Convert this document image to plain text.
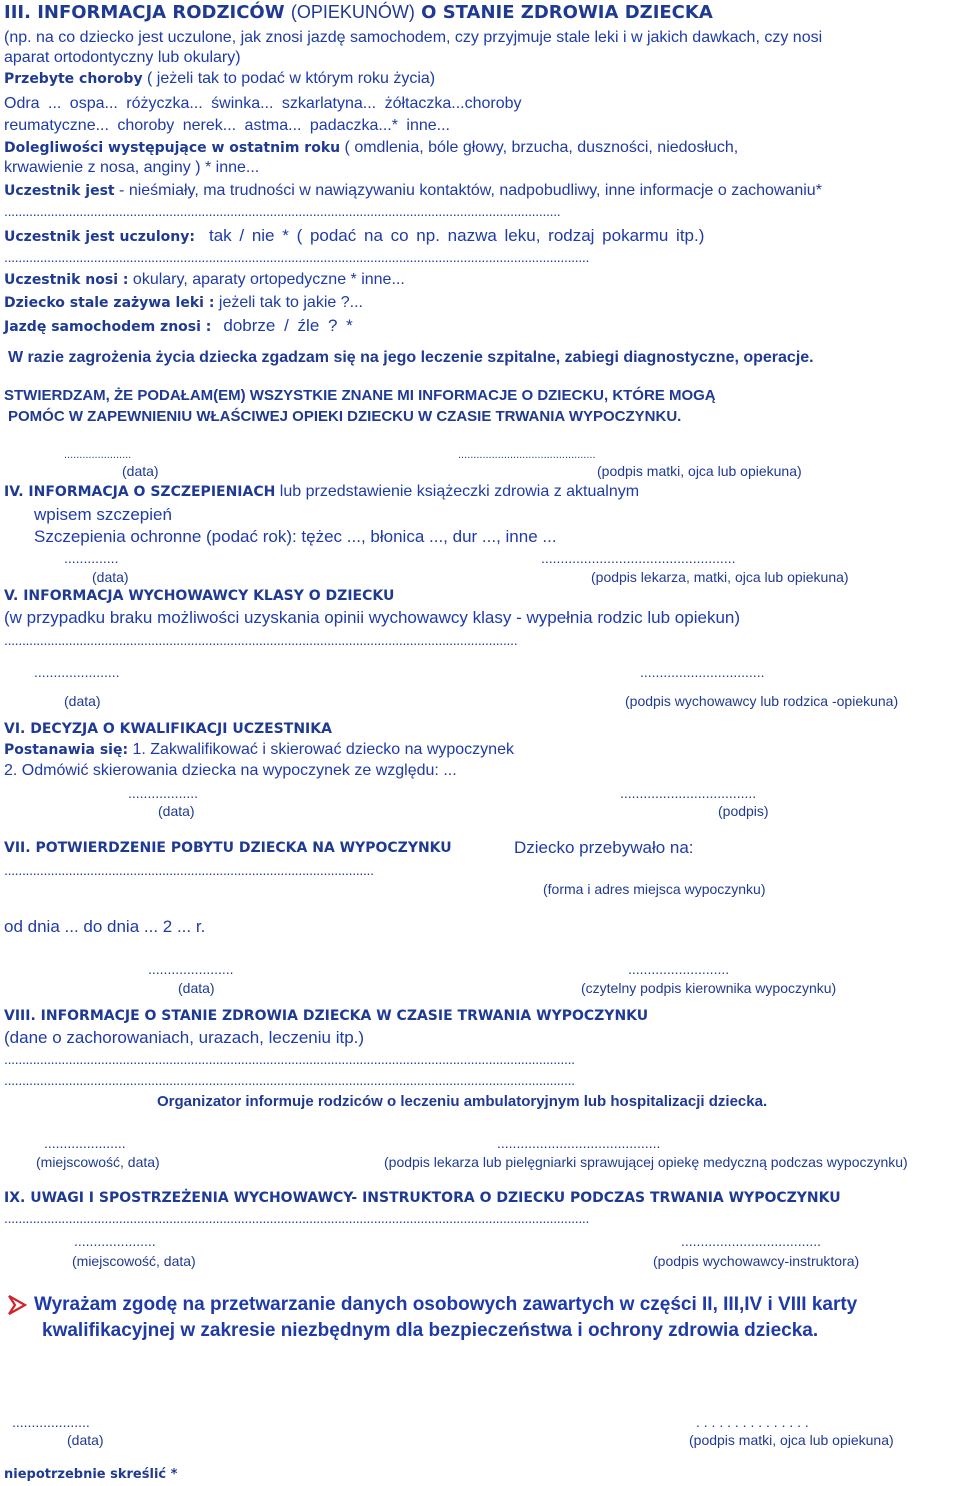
III. INFORMACJA RODZICÓW (OPIEKUNÓW) O STANIE ZDROWIA DZIECKA
(np. na co dziecko jest uczulone, jak znosi jazdę samochodem, czy przyjmuje stale leki i w jakich dawkach, czy nosi
aparat ortodontyczny lub okulary)
Przebyte choroby ( jeżeli tak to podać w którym roku życia)
Odra ... ospa... różyczka... świnka... szkarlatyna... żółtaczka...choroby
reumatyczne... choroby nerek... astma... padaczka...* inne...
Dolegliwości występujące w ostatnim roku ( omdlenia, bóle głowy, brzucha, duszności, niedosłuch,
krwawienie z nosa, anginy ) * inne...
Uczestnik jest - nieśmiały, ma trudności w nawiązywaniu kontaktów, nadpobudliwy, inne informacje o zachowaniu*
...........................................................................................................................................................
Uczestnik jest uczulony: tak / nie * ( podać na co np. nazwa leku, rodzaj pokarmu itp.)
...................................................................................................................................................................
Uczestnik nosi : okulary, aparaty ortopedyczne * inne...
Dziecko stale zażywa leki : jeżeli tak to jakie ?...
Jazdę samochodem znosi : dobrze / źle ? *
W razie zagrożenia życia dziecka zgadzam się na jego leczenie szpitalne, zabiegi diagnostyczne, operacje.
STWIERDZAM, ŻE PODAŁAM(EM) WSZYSTKIE ZNANE MI INFORMACJE O DZIECKU, KTÓRE MOGĄ
POMÓC W ZAPEWNIENIU WŁAŚCIWEJ OPIEKI DZIECKU W CZASIE TRWANIA WYPOCZYNKU.
......................	.............................................
(data)	(podpis matki, ojca lub opiekuna)
IV. INFORMACJA O SZCZEPIENIACH lub przedstawienie książeczki zdrowia z aktualnym
wpisem szczepień
Szczepienia ochronne (podać rok): tężec ..., błonica ..., dur ..., inne ...
..............	..................................................
(data)	(podpis lekarza, matki, ojca lub opiekuna)
V. INFORMACJA WYCHOWAWCY KLASY O DZIECKU
(w przypadku braku możliwości uzyskania opinii wychowawcy klasy - wypełnia rodzic lub opiekun)
...............................................................................................................................................
......................	................................
(data)	(podpis wychowawcy lub rodzica -opiekuna)
VI. DECYZJA O KWALIFIKACJI UCZESTNIKA
Postanawia się: 1. Zakwalifikować i skierować dziecko na wypoczynek
2. Odmówić skierowania dziecka na wypoczynek ze względu: ...
..................	...................................
(data)	(podpis)
VII. POTWIERDZENIE POBYTU DZIECKA NA WYPOCZYNKU	Dziecko przebywało na:
.......................................................................................................
(forma i adres miejsca wypoczynku)
od dnia ... do dnia ... 2 ... r.
......................	..........................
(data)	(czytelny podpis kierownika wypoczynku)
VIII. INFORMACJE O STANIE ZDROWIA DZIECKA W CZASIE TRWANIA WYPOCZYNKU
(dane o zachorowaniach, urazach, leczeniu itp.)
...............................................................................................................................................................
...............................................................................................................................................................
Organizator informuje rodziców o leczeniu ambulatoryjnym lub hospitalizacji dziecka.
.....................	..........................................
(miejscowość, data)	(podpis lekarza lub pielęgniarki sprawującej opiekę medyczną podczas wypoczynku)
IX. UWAGI I SPOSTRZEŻENIA WYCHOWAWCY- INSTRUKTORA O DZIECKU PODCZAS TRWANIA WYPOCZYNKU
...................................................................................................................................................................
.....................	....................................
(miejscowość, data)	(podpis wychowawcy-instruktora)
Wyrażam zgodę na przetwarzanie danych osobowych zawartych w części II, III,IV i VIII karty
kwalifikacyjnej w zakresie niezbędnym dla bezpieczeństwa i ochrony zdrowia dziecka.
....................	. . . . . . . . . . . . . . .
(data)	(podpis matki, ojca lub opiekuna)
niepotrzebnie skreślić *
